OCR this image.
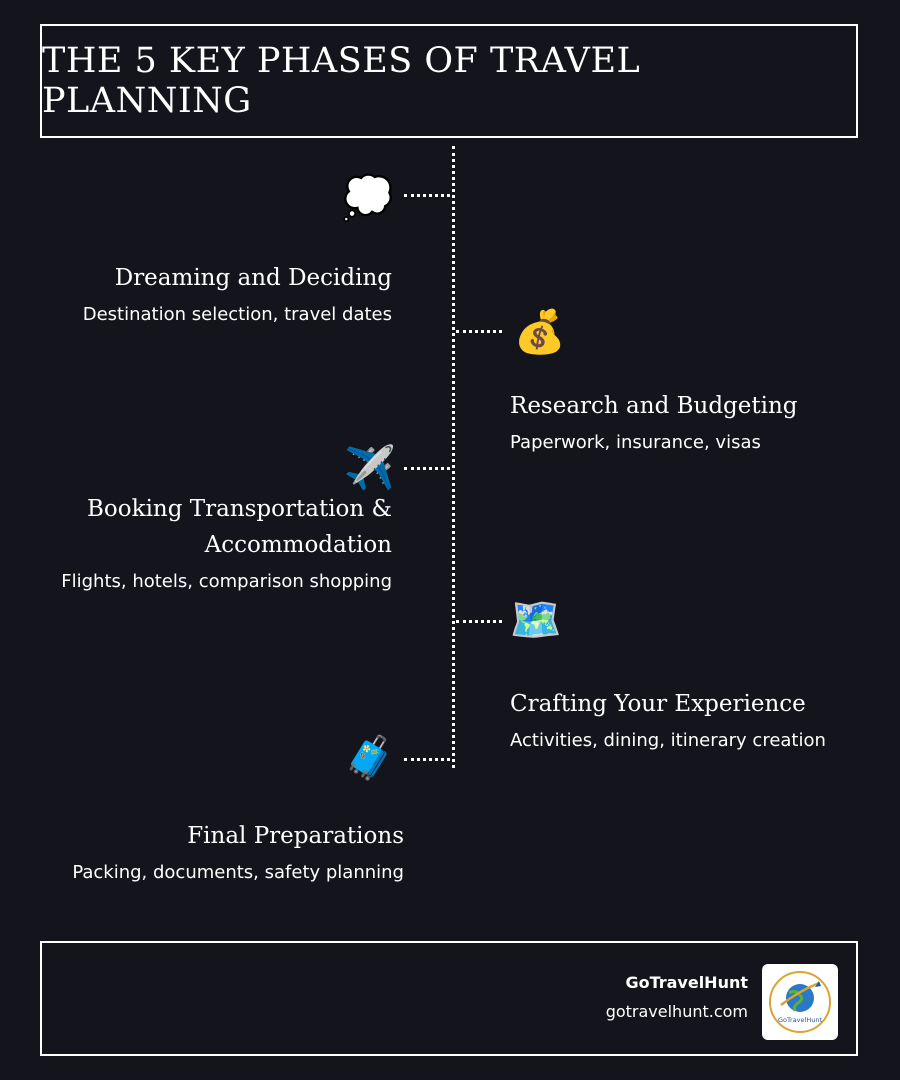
THE 5 KEY PHASES OF TRAVEL PLANNING
💭
Dreaming and Deciding

Destination selection, travel dates	💰
Research and Budgeting

Paperwork, insurance, visas

✈️
Booking Transportation & Accommodation

Flights, hotels, comparison shopping

🗺️
Crafting Your Experience

Activities, dining, itinerary creation

🧳
Final Preparations

Packing, documents, safety planning

GoTravelHunt
gotravelhunt.com	GoTravelHunt
